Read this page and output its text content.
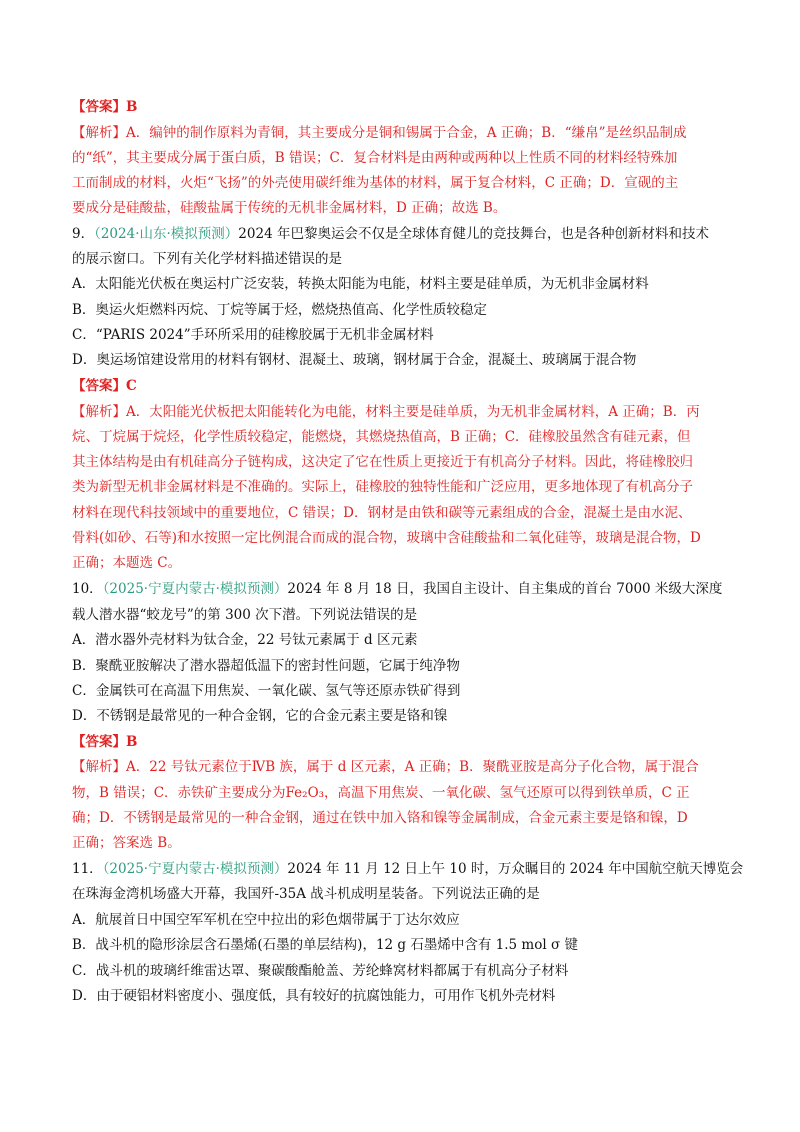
【答案】B
【解析】A．编钟的制作原料为青铜，其主要成分是铜和锡属于合金，A 正确；B．“缣帛”是丝织品制成
的“纸”，其主要成分属于蛋白质，B 错误；C．复合材料是由两种或两种以上性质不同的材料经特殊加
工而制成的材料，火炬“飞扬”的外壳使用碳纤维为基体的材料，属于复合材料，C 正确；D．宣砚的主
要成分是硅酸盐，硅酸盐属于传统的无机非金属材料，D 正确；故选 B。
9．（2024·山东·模拟预测）2024 年巴黎奥运会不仅是全球体育健儿的竞技舞台，也是各种创新材料和技术
的展示窗口。下列有关化学材料描述错误的是
A．太阳能光伏板在奥运村广泛安装，转换太阳能为电能，材料主要是硅单质，为无机非金属材料
B．奥运火炬燃料丙烷、丁烷等属于烃，燃烧热值高、化学性质较稳定
C．“PARIS 2024”手环所采用的硅橡胶属于无机非金属材料
D．奥运场馆建设常用的材料有钢材、混凝土、玻璃，钢材属于合金，混凝土、玻璃属于混合物
【答案】C
【解析】A．太阳能光伏板把太阳能转化为电能，材料主要是硅单质，为无机非金属材料，A 正确；B．丙
烷、丁烷属于烷烃，化学性质较稳定，能燃烧，其燃烧热值高，B 正确；C．硅橡胶虽然含有硅元素，但
其主体结构是由有机硅高分子链构成，这决定了它在性质上更接近于有机高分子材料。因此，将硅橡胶归
类为新型无机非金属材料是不准确的。实际上，硅橡胶的独特性能和广泛应用，更多地体现了有机高分子
材料在现代科技领域中的重要地位，C 错误；D．钢材是由铁和碳等元素组成的合金，混凝土是由水泥、
骨料(如砂、石等)和水按照一定比例混合而成的混合物，玻璃中含硅酸盐和二氧化硅等，玻璃是混合物，D
正确；本题选 C。
10．（2025·宁夏内蒙古·模拟预测）2024 年 8 月 18 日，我国自主设计、自主集成的首台 7000 米级大深度
载人潜水器“蛟龙号”的第 300 次下潜。下列说法错误的是
A．潜水器外壳材料为钛合金，22 号钛元素属于 d 区元素
B．聚酰亚胺解决了潜水器超低温下的密封性问题，它属于纯净物
C．金属铁可在高温下用焦炭、一氧化碳、氢气等还原赤铁矿得到
D．不锈钢是最常见的一种合金钢，它的合金元素主要是铬和镍
【答案】B
【解析】A．22 号钛元素位于ⅣB 族，属于 d 区元素，A 正确；B．聚酰亚胺是高分子化合物，属于混合
物，B 错误；C．赤铁矿主要成分为Fe₂O₃，高温下用焦炭、一氧化碳、氢气还原可以得到铁单质，C 正
确；D．不锈钢是最常见的一种合金钢，通过在铁中加入铬和镍等金属制成，合金元素主要是铬和镍，D
正确；答案选 B。
11．（2025·宁夏内蒙古·模拟预测）2024 年 11 月 12 日上午 10 时，万众瞩目的 2024 年中国航空航天博览会
在珠海金湾机场盛大开幕，我国歼-35A 战斗机成明星装备。下列说法正确的是
A．航展首日中国空军军机在空中拉出的彩色烟带属于丁达尔效应
B．战斗机的隐形涂层含石墨烯(石墨的单层结构)，12 g 石墨烯中含有 1.5 mol σ 键
C．战斗机的玻璃纤维雷达罩、聚碳酸酯舱盖、芳纶蜂窝材料都属于有机高分子材料
D．由于硬铝材料密度小、强度低，具有较好的抗腐蚀能力，可用作飞机外壳材料
